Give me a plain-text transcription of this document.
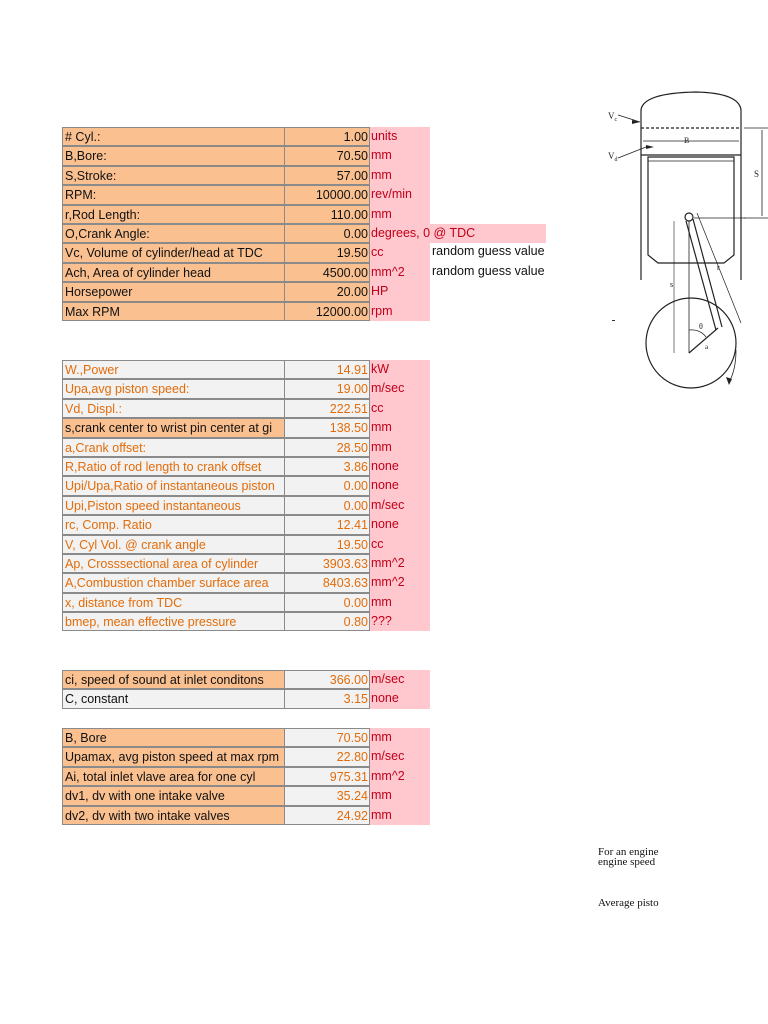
# Cyl.:	1.00 units
B,Bore:	70.50 mm
S,Stroke:	57.00 mm
RPM:	10000.00 rev/min
r,Rod Length:	110.00 mm
O,Crank Angle:	0.00 degrees, 0 @ TDC
Vc, Volume of cylinder/head at TDC	19.50 cc	random guess value
Ach, Area of cylinder head	4500.00 mm^2	random guess value
Horsepower	20.00 HP
Max RPM	12000.00 rpm
W.,Power	14.91 kW
Upa,avg piston speed:	19.00 m/sec
Vd, Displ.:	222.51 cc
s,crank center to wrist pin center at gi	138.50 mm
a,Crank offset:	28.50 mm
R,Ratio of rod length to crank offset	3.86 none
Upi/Upa,Ratio of instantaneous piston	0.00 none
Upi,Piston speed instantaneous	0.00 m/sec
rc, Comp. Ratio	12.41 none
V, Cyl Vol. @ crank angle	19.50 cc
Ap, Crosssectional area of cylinder	3903.63 mm^2
A,Combustion chamber surface area	8403.63 mm^2
x, distance from TDC	0.00 mm
bmep, mean effective pressure	0.80 ???
ci, speed of sound at inlet conditons	366.00 m/sec
C, constant	3.15 none
B, Bore	70.50 mm
Upamax, avg piston speed at max rpm	22.80 m/sec
Ai, total inlet vlave area for one cyl	975.31 mm^2
dv1, dv with one intake valve	35.24 mm
dv2, dv with two intake valves	24.92 mm
$V_c$
$V_d$
B
S
s
r
θ
a
For an engine
engine speed
Average pisto
